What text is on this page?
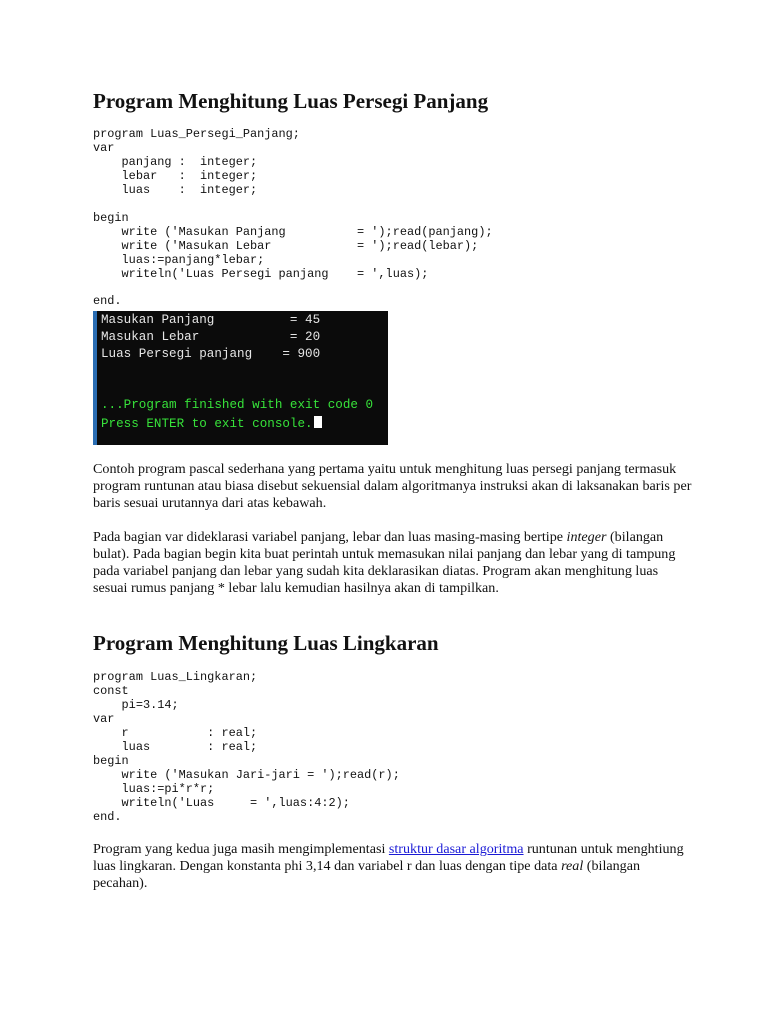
Program Menghitung Luas Persegi Panjang
program Luas_Persegi_Panjang;
var
panjang :  integer;
lebar   :  integer;
luas    :  integer;

begin
write ('Masukan Panjang          = ');read(panjang);
write ('Masukan Lebar            = ');read(lebar);
luas:=panjang*lebar;
writeln('Luas Persegi panjang    = ',luas);

end.
Masukan Panjang          = 45
Masukan Lebar            = 20
Luas Persegi panjang    = 900
...Program finished with exit code 0
Press ENTER to exit console.

Contoh program pascal sederhana yang pertama yaitu untuk menghitung luas persegi panjang termasuk program runtunan atau biasa disebut sekuensial dalam algoritmanya instruksi akan di laksanakan baris per baris sesuai urutannya dari atas kebawah.

Pada bagian var dideklarasi variabel panjang, lebar dan luas masing-masing bertipe integer (bilangan bulat). Pada bagian begin kita buat perintah untuk memasukan nilai panjang dan lebar yang di tampung pada variabel panjang dan lebar yang sudah kita deklarasikan diatas. Program akan menghitung luas sesuai rumus panjang * lebar lalu kemudian hasilnya akan di tampilkan.

Program Menghitung Luas Lingkaran
program Luas_Lingkaran;
const
pi=3.14;
var
r           : real;
luas        : real;
begin
write ('Masukan Jari-jari = ');read(r);
luas:=pi*r*r;
writeln('Luas     = ',luas:4:2);
end.

Program yang kedua juga masih mengimplementasi struktur dasar algoritma runtunan untuk menghtiung luas lingkaran. Dengan konstanta phi 3,14 dan variabel r dan luas dengan tipe data real (bilangan pecahan).
